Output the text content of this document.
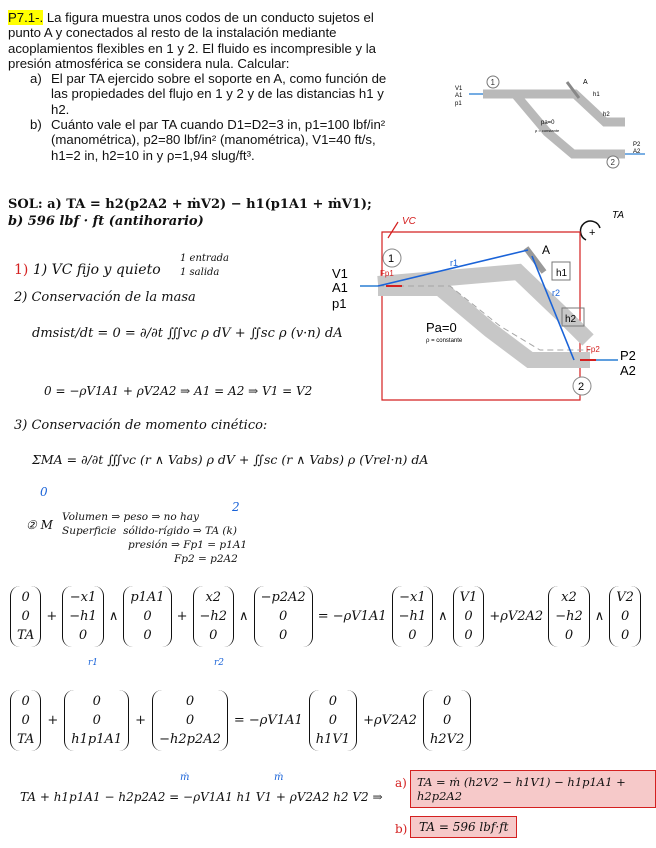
P7.1-. La figura muestra unos codos de un conducto sujetos el
punto A y conectados al resto de la instalación mediante
acoplamientos flexibles en 1 y 2. El fluido es incompresible y la
presión atmosférica se considera nula. Calcular:
a) El par TA ejercido sobre el soporte en A, como función de
las propiedades del flujo en 1 y 2 y de las distancias h1 y
h2.
b) Cuánto vale el par TA cuando D1=D2=3 in, p1=100 lbf/in²
(manométrica), p2=80 lbf/in² (manométrica), V1=40 ft/s,
h1=2 in, h2=10 in y ρ=1,94 slug/ft³.
SOL: a) TA = h2(p2A2 + ṁV2) − h1(p1A1 + ṁV1);
b) 596 lbf · ft (antihorario)
1
2
A
h1
h2
pa=0
ρ = constante
V1
A1
p1
P2
A2
+
TA
VC
1
2
A
h1
h2
r1
r2
Fp1
Fp2
V1
A1
p1
Pa=0
ρ = constante
P2
A2
1) 1) VC fijo y quieto
1 entrada
1 salida
2) Conservación de la masa
dmsist/dt = 0 = ∂/∂t ∭vc ρ dV + ∬sc ρ (v·n) dA
0 = −ρV1A1 + ρV2A2 ⇒ A1 = A2 ⇒ V1 = V2
3) Conservación de momento cinético:
ΣMA = ∂/∂t ∭vc (r ∧ Vabs) ρ dV + ∬sc (r ∧ Vabs) ρ (Vrel·n) dA
0
2
② M
Volumen ⇒ peso ⇒ no hay
Superficie sólido-rígido ⇒ TA (k)
presión ⇒ Fp1 = p1A1
Fp2 = p2A2
0
0
TA
+
−x1
−h1
0
∧
p1A1
0
0
+
x2
−h2
0
∧
−p2A2
0
0
= −ρV1A1
−x1
−h1
0
∧
V1
0
0
+ρV2A2
x2
−h2
0
∧
V2
0
0
r1	r2
0
0
TA
+
0
0
h1p1A1
+
0
0
−h2p2A2
= −ρV1A1
0
0
h1V1
+ρV2A2
0
0
h2V2
ṁ	ṁ
TA + h1p1A1 − h2p2A2 = −ρV1A1 h1 V1 + ρV2A2 h2 V2 ⇒
a) TA = ṁ (h2V2 − h1V1) − h1p1A1 + h2p2A2
b) TA = 596 lbf·ft
